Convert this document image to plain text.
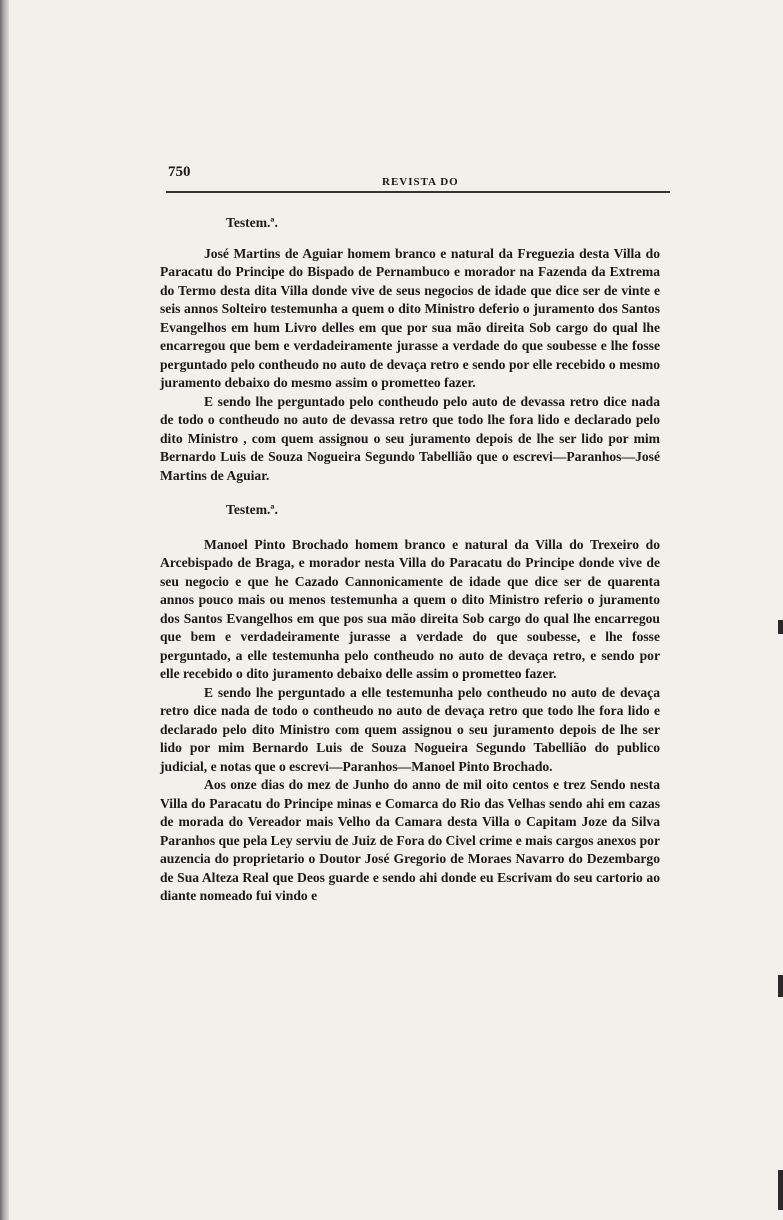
750
REVISTA DO

Testem.ª.

José Martins de Aguiar homem branco e natural da Freguezia desta Villa do Paracatu do Principe do Bispado de Pernambuco e morador na Fazenda da Extrema do Termo desta dita Villa donde vive de seus negocios de idade que dice ser de vinte e seis annos Solteiro testemunha a quem o dito Ministro deferio o juramento dos Santos Evangelhos em hum Livro delles em que por sua mão direita Sob cargo do qual lhe encarregou que bem e verdadeiramente jurasse a verdade do que soubesse e lhe fosse perguntado pelo contheudo no auto de devaça retro e sendo por elle recebido o mesmo juramento debaixo do mesmo assim o prometteo fazer.

E sendo lhe perguntado pelo contheudo pelo auto de devassa retro dice nada de todo o contheudo no auto de devassa retro que todo lhe fora lido e declarado pelo dito Ministro , com quem assignou o seu juramento depois de lhe ser lido por mim Bernardo Luis de Souza Nogueira Segundo Tabellião que o escrevi—Paranhos—José Martins de Aguiar.

Testem.ª.

Manoel Pinto Brochado homem branco e natural da Villa do Trexeiro do Arcebispado de Braga, e morador nesta Villa do Paracatu do Principe donde vive de seu negocio e que he Cazado Cannonicamente de idade que dice ser de quarenta annos pouco mais ou menos testemunha a quem o dito Ministro referio o juramento dos Santos Evangelhos em que pos sua mão direita Sob cargo do qual lhe encarregou que bem e verdadeiramente jurasse a verdade do que soubesse, e lhe fosse perguntado, a elle testemunha pelo contheudo no auto de devaça retro, e sendo por elle recebido o dito juramento debaixo delle assim o prometteo fazer.

E sendo lhe perguntado a elle testemunha pelo contheudo no auto de devaça retro dice nada de todo o contheudo no auto de devaça retro que todo lhe fora lido e declarado pelo dito Ministro com quem assignou o seu juramento depois de lhe ser lido por mim Bernardo Luis de Souza Nogueira Segundo Tabellião do publico judicial, e notas que o escrevi—Paranhos—Manoel Pinto Brochado.

Aos onze dias do mez de Junho do anno de mil oito centos e trez Sendo nesta Villa do Paracatu do Principe minas e Comarca do Rio das Velhas sendo ahi em cazas de morada do Vereador mais Velho da Camara desta Villa o Capitam Joze da Silva Paranhos que pela Ley serviu de Juiz de Fora do Civel crime e mais cargos anexos por auzencia do proprietario o Doutor José Gregorio de Moraes Navarro do Dezembargo de Sua Alteza Real que Deos guarde e sendo ahi donde eu Escrivam do seu cartorio ao diante nomeado fui vindo e
